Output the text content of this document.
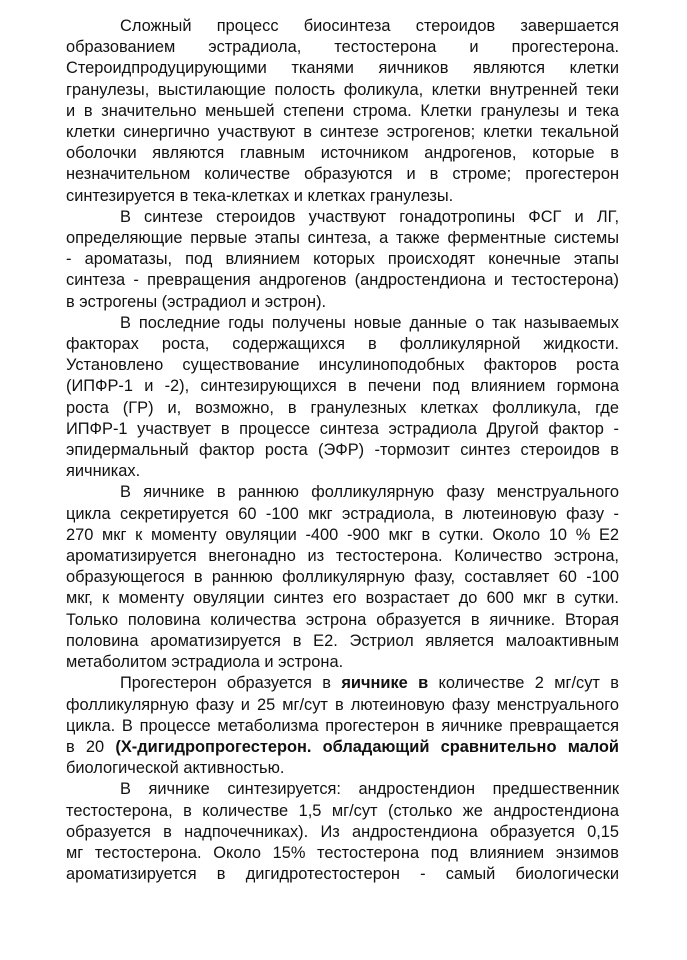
Сложный процесс биосинтеза стероидов завершается

образованием эстрадиола, тестостерона и прогестерона.

Стероидпродуцирующими тканями яичников являются клетки

гранулезы, выстилающие полость фоликула, клетки внутренней теки

и в значительно меньшей степени строма. Клетки гранулезы и тека

клетки синергично участвуют в синтезе эстрогенов; клетки текальной

оболочки являются главным источником андрогенов, которые в

незначительном количестве образуются и в строме; прогестерон

синтезируется в тека-клетках и клетках гранулезы.

В синтезе стероидов участвуют гонадотропины ФСГ и ЛГ,

определяющие первые этапы синтеза, а также ферментные системы

- ароматазы, под влиянием которых происходят конечные этапы

синтеза - превращения андрогенов (андростендиона и тестостерона)

в эстрогены (эстрадиол и эстрон).

В последние годы получены новые данные о так называемых

факторах роста, содержащихся в фолликулярной жидкости.

Установлено существование инсулиноподобных факторов роста

(ИПФР-1 и -2), синтезирующихся в печени под влиянием гормона

роста (ГР) и, возможно, в гранулезных клетках фолликула, где

ИПФР-1 участвует в процессе синтеза эстрадиола Другой фактор -

эпидермальный фактор роста (ЭФР) -тормозит синтез стероидов в

яичниках.

В яичнике в раннюю фолликулярную фазу менструального

цикла секретируется 60 -100 мкг эстрадиола, в лютеиновую фазу -

270 мкг к моменту овуляции -400 -900 мкг в сутки. Около 10 % Е2

ароматизируется внегонадно из тестостерона. Количество эстрона,

образующегося в раннюю фолликулярную фазу, составляет 60 -100

мкг, к моменту овуляции синтез его возрастает до 600 мкг в сутки.

Только половина количества эстрона образуется в яичнике. Вторая

половина ароматизируется в Е2. Эстриол является малоактивным

метаболитом эстрадиола и эстрона.

Прогестерон образуется в яичнике в количестве 2 мг/сут в

фолликулярную фазу и 25 мг/сут в лютеиновую фазу менструального

цикла. В процессе метаболизма прогестерон в яичнике превращается

в 20 (Х-дигидропрогестерон. обладающий сравнительно малой

биологической активностью.

В яичнике синтезируется: андростендион предшественник

тестостерона, в количестве 1,5 мг/сут (столько же андростендиона

образуется в надпочечниках). Из андростендиона образуется 0,15

мг тестостерона. Около 15% тестостерона под влиянием энзимов

ароматизируется в дигидротестостерон - самый биологически
